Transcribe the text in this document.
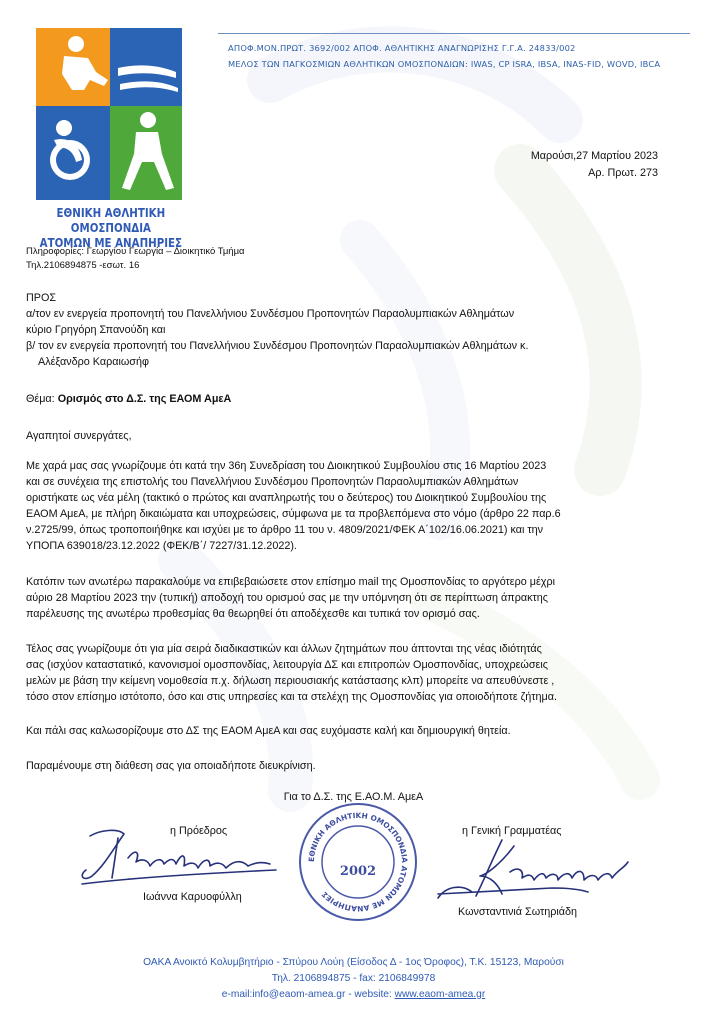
ΑΠΟΦ.ΜΟΝ.ΠΡΩΤ. 3692/002 ΑΠΟΦ. ΑΘΛΗΤΙΚΗΣ ΑΝΑΓΝΩΡΙΣΗΣ Γ.Γ.Α. 24833/002
ΜΕΛΟΣ ΤΩΝ ΠΑΓΚΟΣΜΙΩΝ ΑΘΛΗΤΙΚΩΝ ΟΜΟΣΠΟΝΔΙΩΝ: IWAS, CP ISRA, IBSA, INAS-FID, WOVD, IBCA
ΕΘΝΙΚΗ ΑΘΛΗΤΙΚΗ ΟΜΟΣΠΟΝΔΙΑ
ΑΤΟΜΩΝ ΜΕ ΑΝΑΠΗΡΙΕΣ
Πληροφορίες: Γεωργίου Γεωργία – Διοικητικό Τμήμα
Τηλ.2106894875 -εσωτ. 16
Μαρούσι,27 Μαρτίου 2023
Αρ. Πρωτ. 273

ΠΡΟΣ

α/τον εν ενεργεία προπονητή του Πανελλήνιου Συνδέσμου Προπονητών Παραολυμπιακών Αθλημάτων

κύριο Γρηγόρη Σπανούδη και

β/ τον εν ενεργεία προπονητή του Πανελλήνιου Συνδέσμου Προπονητών Παραολυμπιακών Αθλημάτων κ.

Αλέξανδρο Καραιωσήφ

Θέμα: Ορισμός στο Δ.Σ. της ΕΑΟΜ ΑμεΑ
Αγαπητοί συνεργάτες,

Με χαρά μας σας γνωρίζουμε ότι κατά την 36η Συνεδρίαση του Διοικητικού Συμβουλίου στις 16 Μαρτίου 2023

και σε συνέχεια της επιστολής του Πανελλήνιου Συνδέσμου Προπονητών Παραολυμπιακών Αθλημάτων

οριστήκατε ως νέα μέλη (τακτικό ο πρώτος και αναπληρωτής του ο δεύτερος) του Διοικητικού Συμβουλίου της

ΕΑΟΜ ΑμεΑ, με πλήρη δικαιώματα και υποχρεώσεις, σύμφωνα με τα προβλεπόμενα στο νόμο (άρθρο 22 παρ.6

ν.2725/99, όπως τροποποιήθηκε και ισχύει με το άρθρο 11 του ν. 4809/2021/ΦΕΚ Α΄102/16.06.2021) και την

ΥΠΟΠΑ 639018/23.12.2022 (ΦΕΚ/Β΄/ 7227/31.12.2022).

Κατόπιν των ανωτέρω παρακαλούμε να επιβεβαιώσετε στον επίσημο mail της Ομοσπονδίας το αργότερο μέχρι

αύριο 28 Μαρτίου 2023 την (τυπική) αποδοχή του ορισμού σας με την υπόμνηση ότι σε περίπτωση άπρακτης

παρέλευσης της ανωτέρω προθεσμίας θα θεωρηθεί ότι αποδέχεσθε και τυπικά τον ορισμό σας.

Τέλος σας γνωρίζουμε ότι για μία σειρά διαδικαστικών και άλλων ζητημάτων που άπτονται της νέας ιδιότητάς

σας (ισχύον καταστατικό, κανονισμοί ομοσπονδίας, λειτουργία ΔΣ και επιτροπών Ομοσπονδίας, υποχρεώσεις

μελών με βάση την κείμενη νομοθεσία π.χ. δήλωση περιουσιακής κατάστασης κλπ) μπορείτε να απευθύνεστε ,

τόσο στον επίσημο ιστότοπο, όσο και στις υπηρεσίες και τα στελέχη της Ομοσπονδίας για οποιοδήποτε ζήτημα.

Και πάλι σας καλωσορίζουμε στο ΔΣ της ΕΑΟΜ ΑμεΑ και σας ευχόμαστε καλή και δημιουργική θητεία.
Παραμένουμε στη διάθεση σας για οποιαδήποτε διευκρίνιση.
Για το Δ.Σ. της Ε.ΑΟ.Μ. ΑμεΑ
η Πρόεδρος	η Γενική Γραμματέας
ΕΘΝΙΚΗ ΑΘΛΗΤΙΚΗ ΟΜΟΣΠΟΝΔΙΑ ΑΤΟΜΩΝ ΜΕ ΑΝΑΠΗΡΙΕΣ
2002
Ιωάννα Καρυοφύλλη
Κωνσταντινιά Σωτηριάδη
ΟΑΚΑ Ανοικτό Κολυμβητήριο - Σπύρου Λούη (Είσοδος Δ - 1ος Όροφος), Τ.Κ. 15123, Μαρούσι
Τηλ. 2106894875 - fax: 2106849978
e-mail:info@eaom-amea.gr - website: www.eaom-amea.gr
